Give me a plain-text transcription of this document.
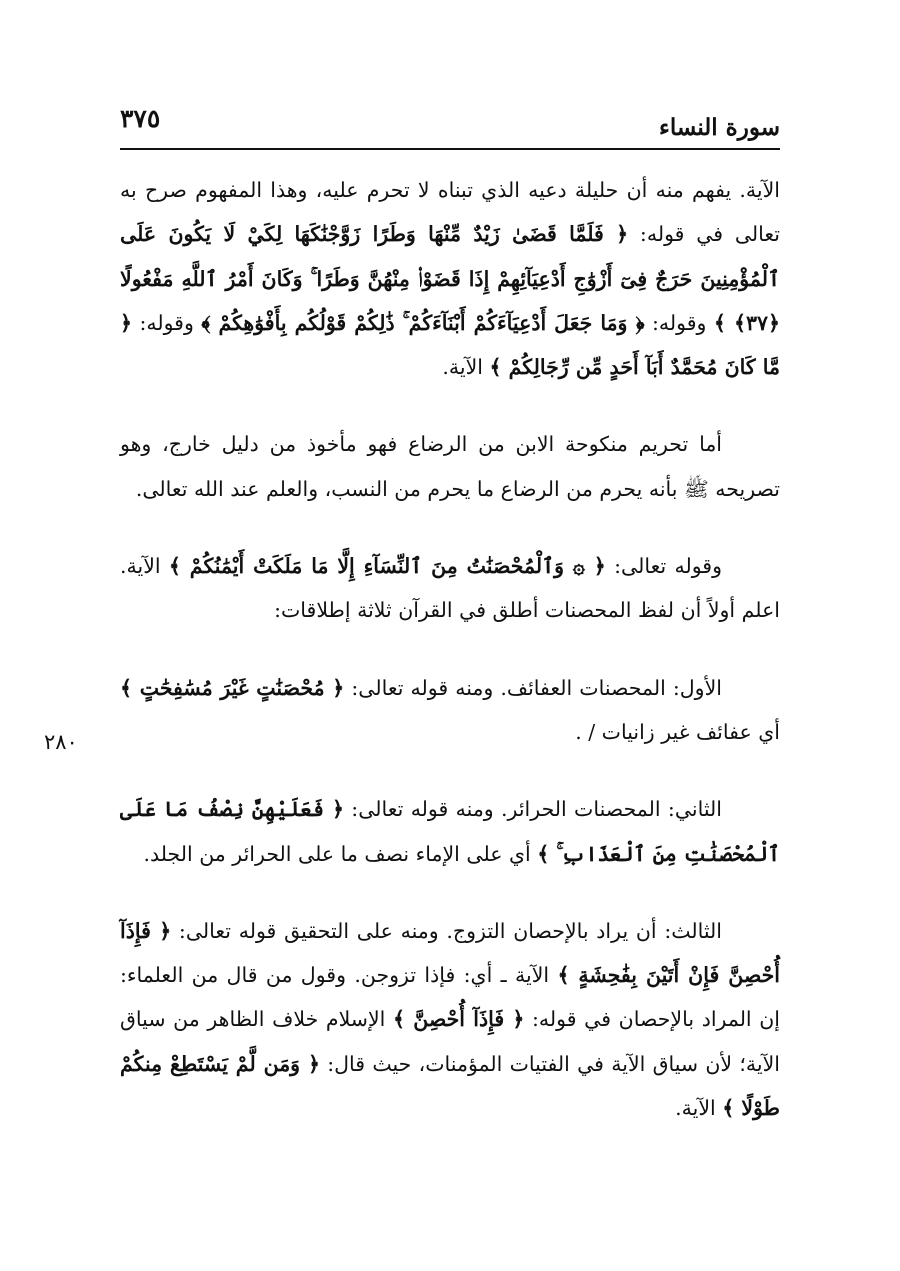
٣٧٥	سورة النساء
٢٨٠

الآية. يفهم منه أن حليلة دعيه الذي تبناه لا تحرم عليه، وهذا المفهوم صرح به تعالى في قوله: ﴿ فَلَمَّا قَضَىٰ زَيْدٌ مِّنْهَا وَطَرًا زَوَّجْنَٰكَهَا لِكَيْ لَا يَكُونَ عَلَى ٱلْمُؤْمِنِينَ حَرَجٌ فِىٓ أَزْوَٰجِ أَدْعِيَآئِهِمْ إِذَا قَضَوْا۟ مِنْهُنَّ وَطَرًا ۚ وَكَانَ أَمْرُ ٱللَّهِ مَفْعُولًا ﴿٣٧﴾ ﴾ وقوله: ﴿ وَمَا جَعَلَ أَدْعِيَآءَكُمْ أَبْنَآءَكُمْ ۚ ذَٰلِكُمْ قَوْلُكُم بِأَفْوَٰهِكُمْ ﴾ وقوله: ﴿ مَّا كَانَ مُحَمَّدٌ أَبَآ أَحَدٍ مِّن رِّجَالِكُمْ ﴾ الآية.

أما تحريم منكوحة الابن من الرضاع فهو مأخوذ من دليل خارج، وهو تصريحه ﷺ بأنه يحرم من الرضاع ما يحرم من النسب، والعلم عند الله تعالى.

وقوله تعالى: ﴿ ۞ وَٱلْمُحْصَنَٰتُ مِنَ ٱلنِّسَآءِ إِلَّا مَا مَلَكَتْ أَيْمَٰنُكُمْ ﴾ الآية. اعلم أولاً أن لفظ المحصنات أطلق في القرآن ثلاثة إطلاقات:

الأول: المحصنات العفائف. ومنه قوله تعالى: ﴿ مُحْصَنَٰتٍ غَيْرَ مُسَٰفِحَٰتٍ ﴾ أي عفائف غير زانيات / .

الثاني: المحصنات الحرائر. ومنه قوله تعالى: ﴿ فَعَلَيْهِنَّ نِصْفُ مَا عَلَى ٱلْمُحْصَنَٰتِ مِنَ ٱلْعَذَابِ ۚ ﴾ أي على الإماء نصف ما على الحرائر من الجلد.

الثالث: أن يراد بالإحصان التزوج. ومنه على التحقيق قوله تعالى: ﴿ فَإِذَآ أُحْصِنَّ فَإِنْ أَتَيْنَ بِفَٰحِشَةٍ ﴾ الآية ـ أي: فإذا تزوجن. وقول من قال من العلماء: إن المراد بالإحصان في قوله: ﴿ فَإِذَآ أُحْصِنَّ ﴾ الإسلام خلاف الظاهر من سياق الآية؛ لأن سياق الآية في الفتيات المؤمنات، حيث قال: ﴿ وَمَن لَّمْ يَسْتَطِعْ مِنكُمْ طَوْلًا ﴾ الآية.
